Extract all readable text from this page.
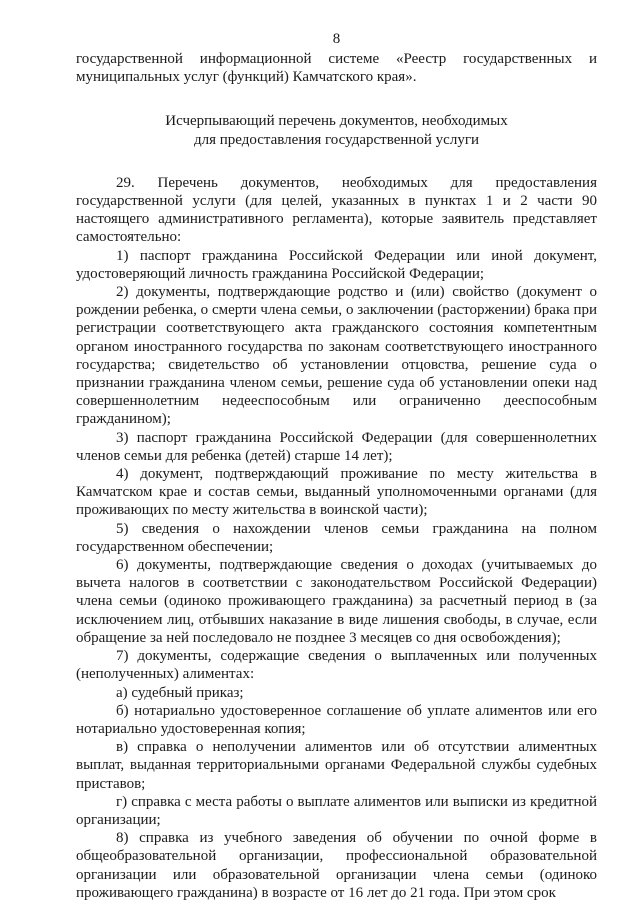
8

государственной информационной системе «Реестр государственных и муниципальных услуг (функций) Камчатского края».

Исчерпывающий перечень документов, необходимых
для предоставления государственной услуги

29. Перечень документов, необходимых для предоставления государственной услуги (для целей, указанных в пунктах 1 и 2 части 90 настоящего административного регламента), которые заявитель представляет самостоятельно:

1) паспорт гражданина Российской Федерации или иной документ, удостоверяющий личность гражданина Российской Федерации;

2) документы, подтверждающие родство и (или) свойство (документ о рождении ребенка, о смерти члена семьи, о заключении (расторжении) брака при регистрации соответствующего акта гражданского состояния компетентным органом иностранного государства по законам соответствующего иностранного государства; свидетельство об установлении отцовства, решение суда о признании гражданина членом семьи, решение суда об установлении опеки над совершеннолетним недееспособным или ограниченно дееспособным гражданином);

3) паспорт гражданина Российской Федерации (для совершеннолетних членов семьи для ребенка (детей) старше 14 лет);

4) документ, подтверждающий проживание по месту жительства в Камчатском крае и состав семьи, выданный уполномоченными органами (для проживающих по месту жительства в воинской части);

5) сведения о нахождении членов семьи гражданина на полном государственном обеспечении;

6) документы, подтверждающие сведения о доходах (учитываемых до вычета налогов в соответствии с законодательством Российской Федерации) члена семьи (одиноко проживающего гражданина) за расчетный период в (за исключением лиц, отбывших наказание в виде лишения свободы, в случае, если обращение за ней последовало не позднее 3 месяцев со дня освобождения);

7) документы, содержащие сведения о выплаченных или полученных (неполученных) алиментах:

а) судебный приказ;

б) нотариально удостоверенное соглашение об уплате алиментов или его нотариально удостоверенная копия;

в) справка о неполучении алиментов или об отсутствии алиментных выплат, выданная территориальными органами Федеральной службы судебных приставов;

г) справка с места работы о выплате алиментов или выписки из кредитной организации;

8) справка из учебного заведения об обучении по очной форме в общеобразовательной организации, профессиональной образовательной организации или образовательной организации члена семьи (одиноко проживающего гражданина) в возрасте от 16 лет до 21 года. При этом срок
